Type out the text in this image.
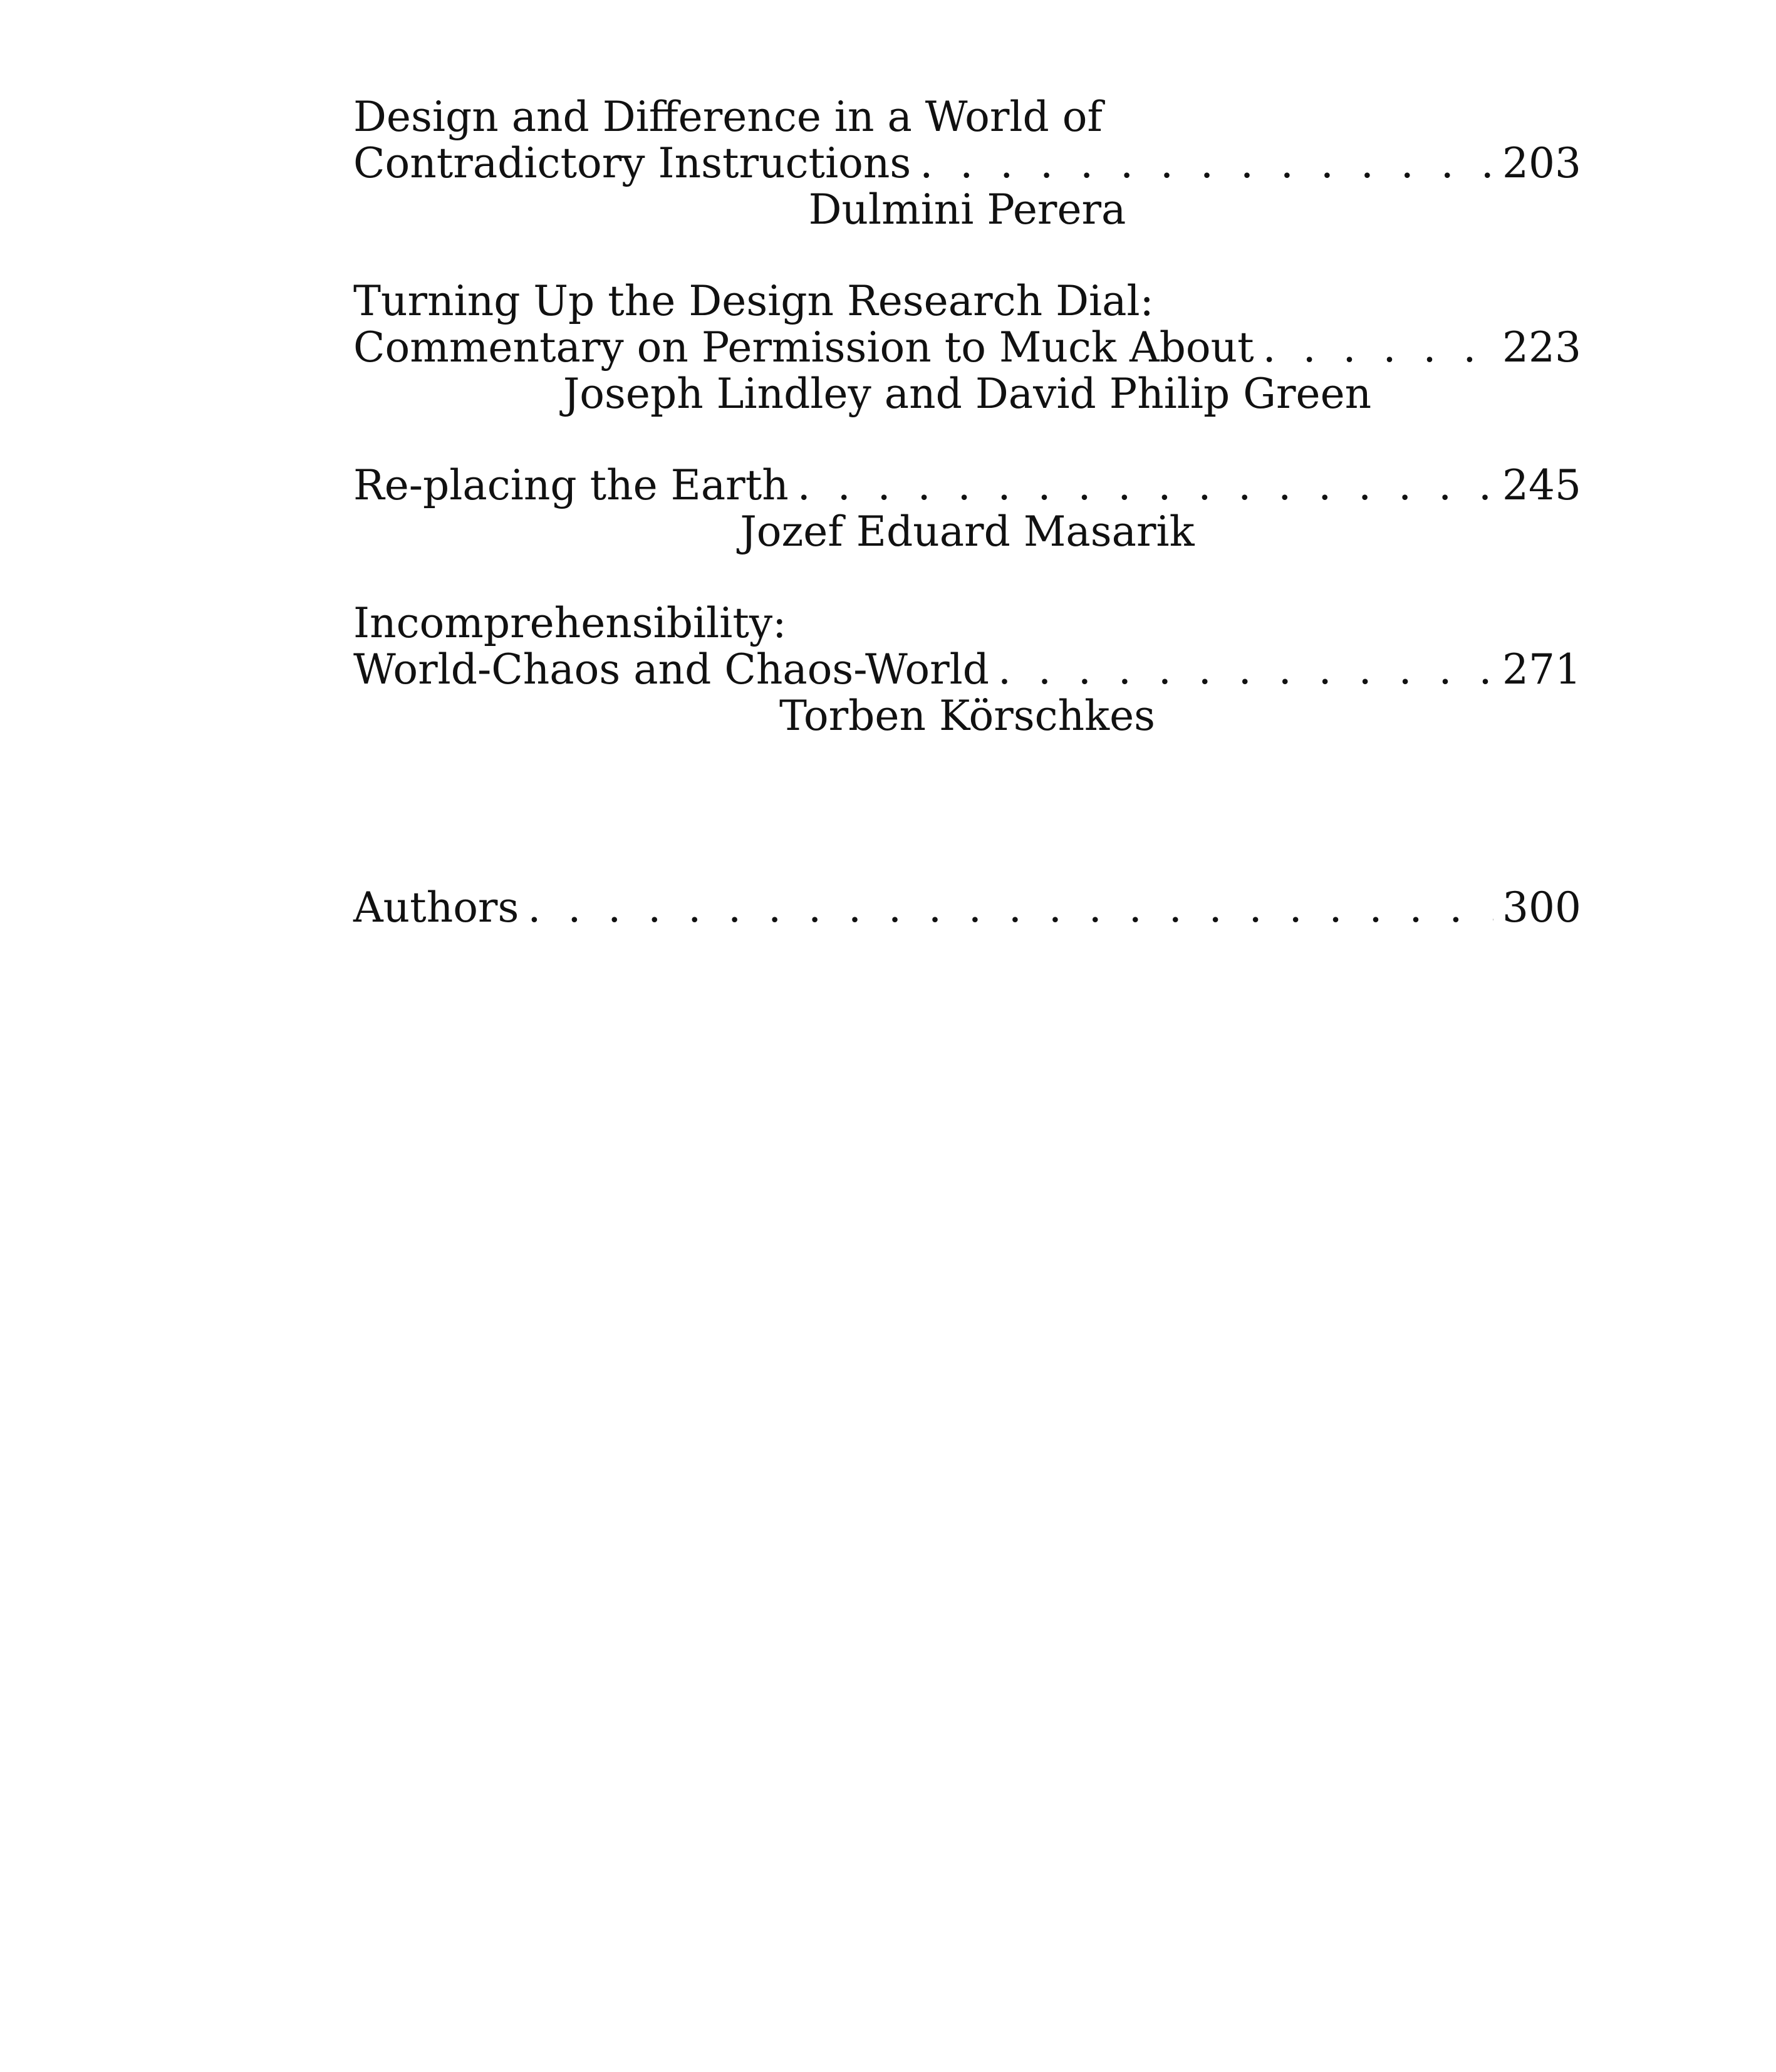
Design and Difference in a World of
Contradictory Instructions . . .	203
Dulmini Perera
Turning Up the Design Research Dial:
Commentary on Permission to Muck About . . .	223
Joseph Lindley and David Philip Green
Re-placing the Earth . . .	245
Jozef Eduard Masarik
Incomprehensibility:
World-Chaos and Chaos-World . . .	271
Torben Körschkes
Authors . . .	300
